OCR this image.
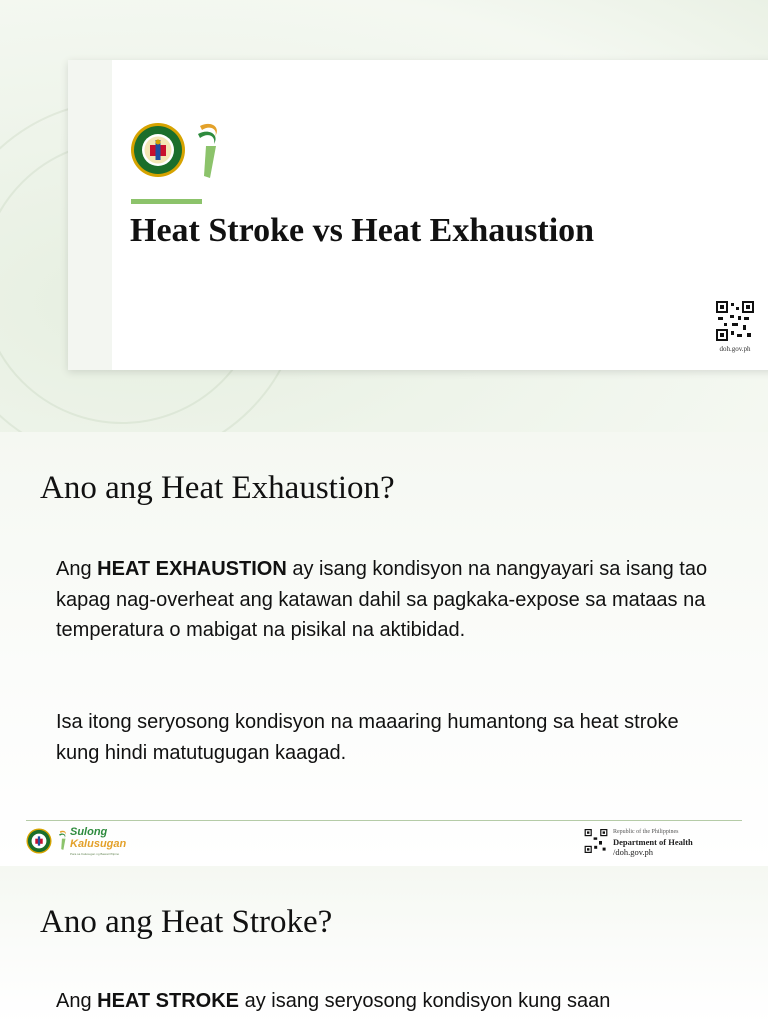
Heat Stroke vs Heat Exhaustion
doh.gov.ph
Ano ang Heat Exhaustion?

Ang HEAT EXHAUSTION ay isang kondisyon na nangyayari sa isang tao kapag nag-overheat ang katawan dahil sa pagkaka-expose sa mataas na temperatura o mabigat na pisikal na aktibidad.

Isa itong seryosong kondisyon na maaaring humantong sa heat stroke kung hindi matutugugan kaagad.

Sulong
Kalusugan
Para sa Kalusugan ng Bawat Pilipino
Republic of the Philippines
Department of Health
/doh.gov.ph
Ano ang Heat Stroke?

Ang HEAT STROKE ay isang seryosong kondisyon kung saan
